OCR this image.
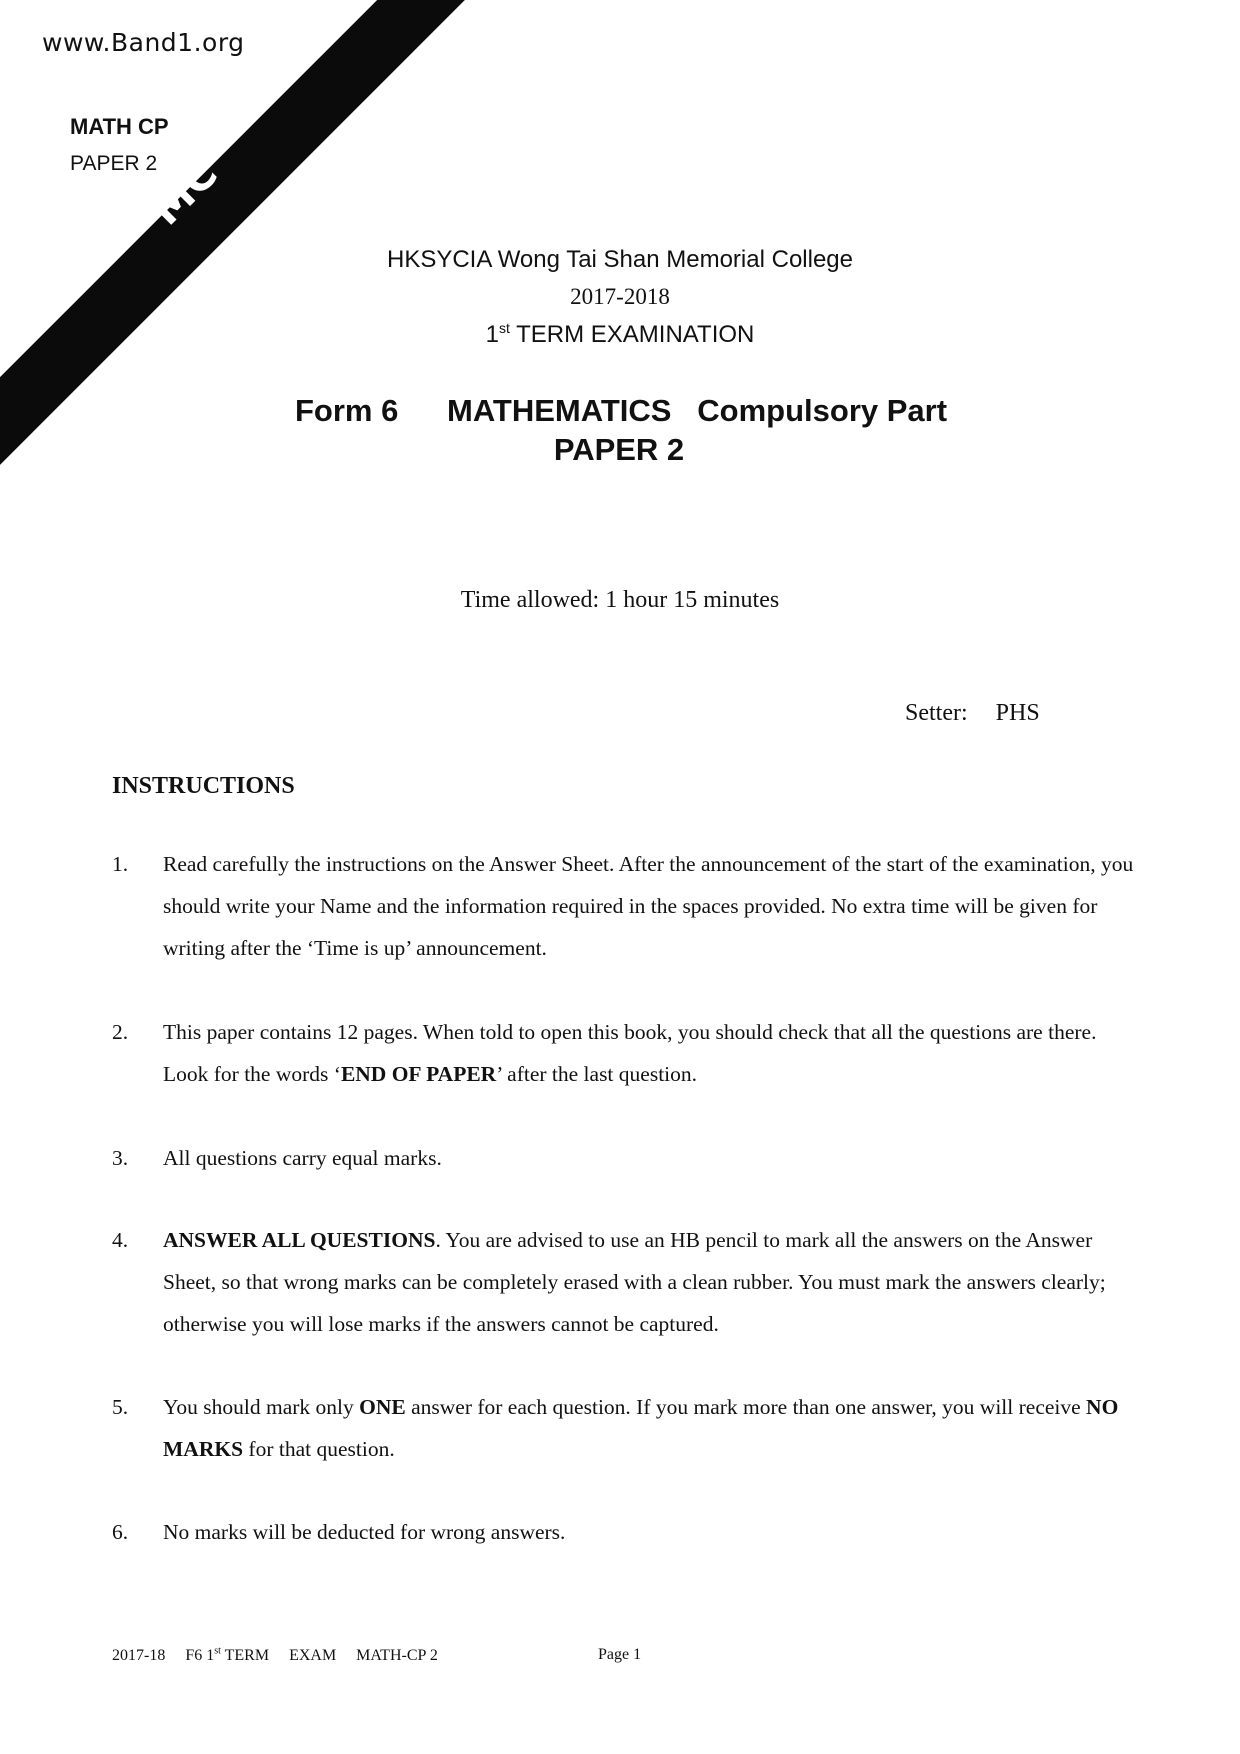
www.Band1.org
MATH CP
PAPER 2
MC
HKSYCIA Wong Tai Shan Memorial College
2017-2018
1st TERM EXAMINATION
Form 6 MATHEMATICS   Compulsory Part
PAPER 2
Time allowed: 1 hour 15 minutes
Setter: PHS
INSTRUCTIONS
1. Read carefully the instructions on the Answer Sheet. After the announcement of the start of the examination, you should write your Name and the information required in the spaces provided. No extra time will be given for writing after the ‘Time is up’ announcement.
2. This paper contains 12 pages. When told to open this book, you should check that all the questions are there. Look for the words ‘END OF PAPER’ after the last question.
3. All questions carry equal marks.
4. ANSWER ALL QUESTIONS. You are advised to use an HB pencil to mark all the answers on the Answer Sheet, so that wrong marks can be completely erased with a clean rubber. You must mark the answers clearly; otherwise you will lose marks if the answers cannot be captured.
5. You should mark only ONE answer for each question. If you mark more than one answer, you will receive NO MARKS for that question.
6. No marks will be deducted for wrong answers.
2017-18 F6 1st TERM EXAM MATH-CP 2	Page 1
